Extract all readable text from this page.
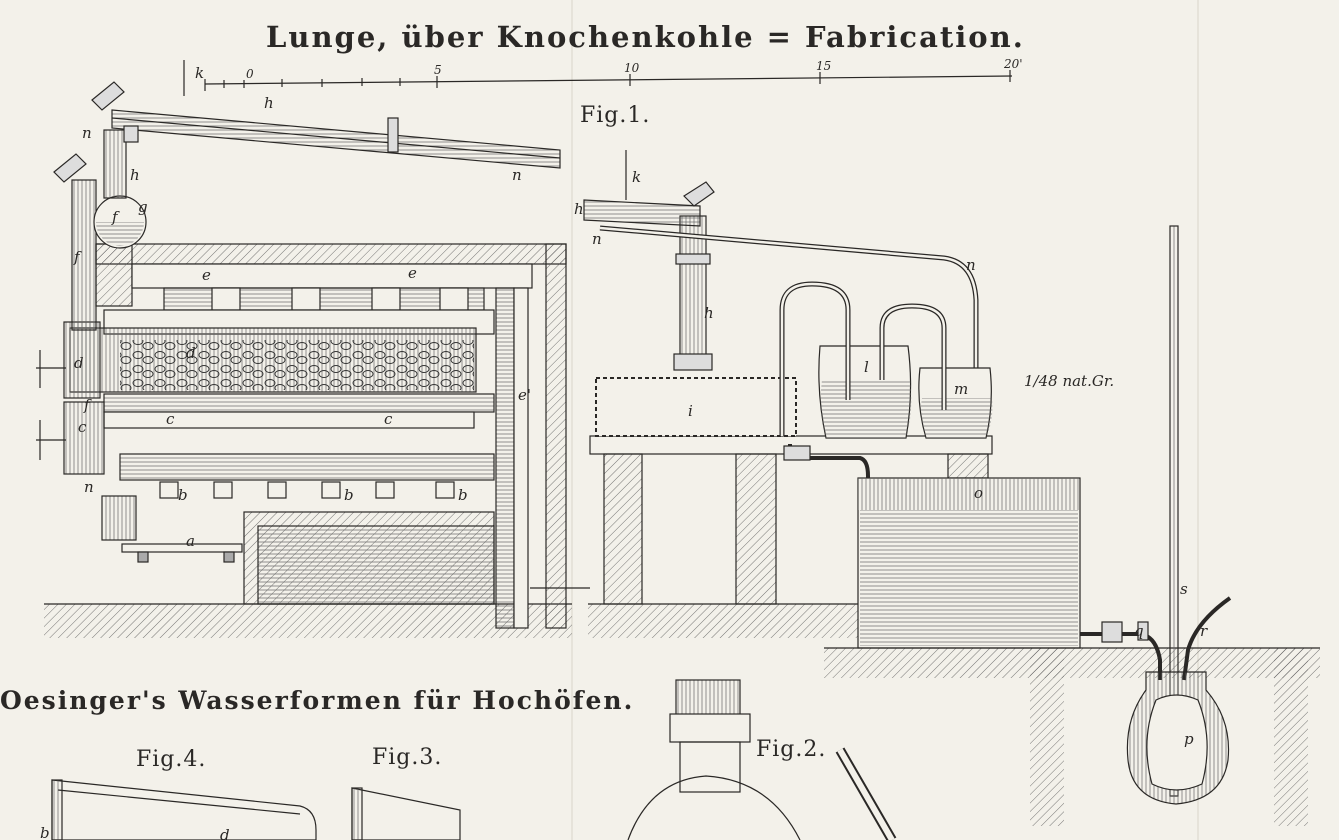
0	5	10	15	20'
Fig.1.
Fig.2.
Fig.3.
Fig.4.
k
h
n
n
h
g
f
f
e	e
d
d
e'
c	c
c
f
n	b	b	b
a
k
h
n
h
n
l
m
i
o
s
q	r
p
b	d
1/48 nat.Gr.
Lunge, über Knochenkohle = Fabrication.
Oesinger's Wasserformen für Hochöfen.
